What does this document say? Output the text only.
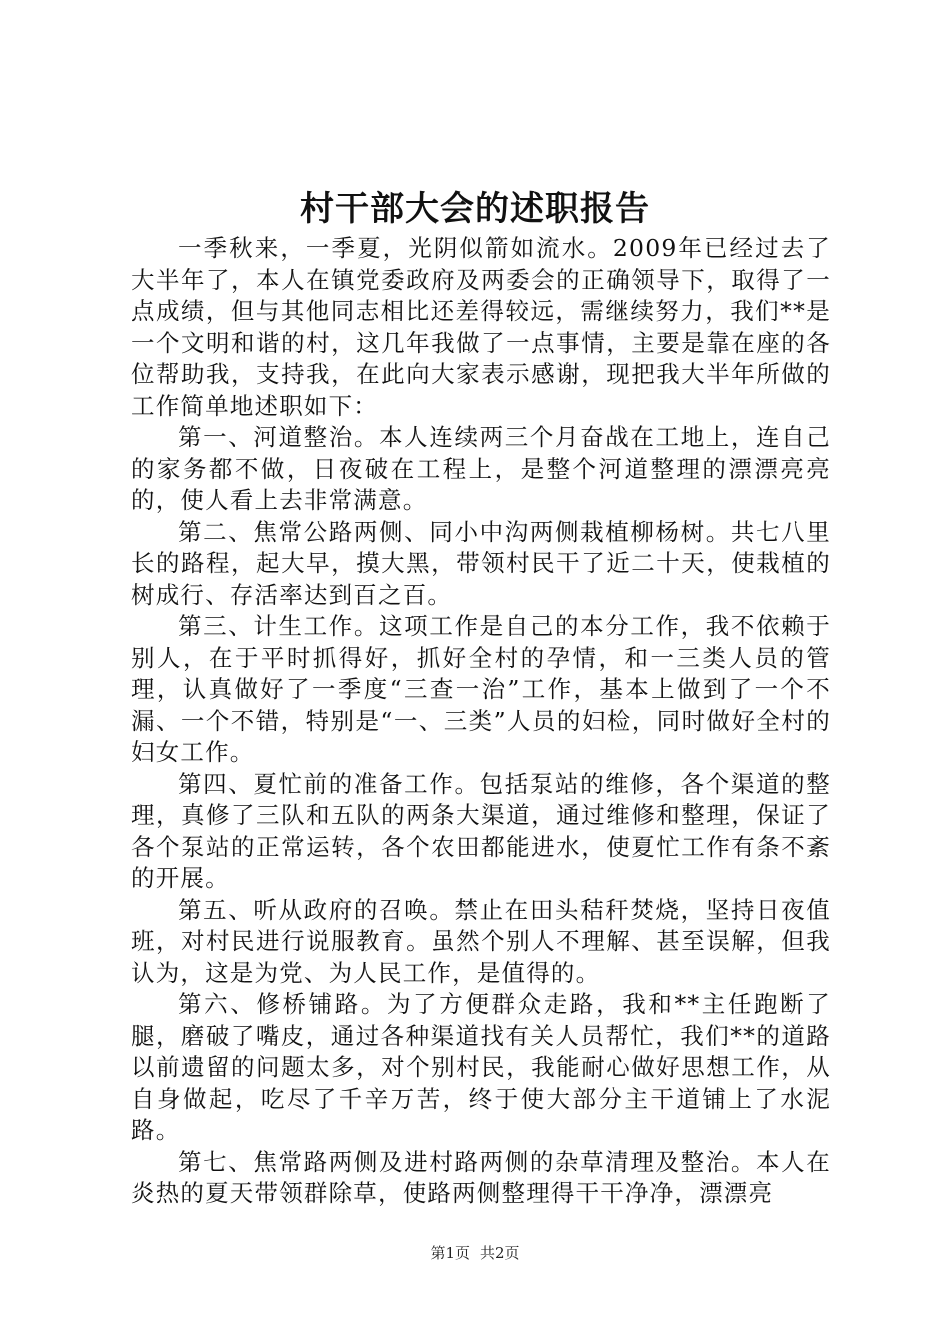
村干部大会的述职报告

一季秋来，一季夏，光阴似箭如流水。2009年已经过去了大半年了，本人在镇党委政府及两委会的正确领导下，取得了一点成绩，但与其他同志相比还差得较远，需继续努力，我们**是一个文明和谐的村，这几年我做了一点事情，主要是靠在座的各位帮助我，支持我，在此向大家表示感谢，现把我大半年所做的工作简单地述职如下：

第一、河道整治。本人连续两三个月奋战在工地上，连自己的家务都不做，日夜破在工程上，是整个河道整理的漂漂亮亮的，使人看上去非常满意。

第二、焦常公路两侧、同小中沟两侧栽植柳杨树。共七八里长的路程，起大早，摸大黑，带领村民干了近二十天，使栽植的树成行、存活率达到百之百。

第三、计生工作。这项工作是自己的本分工作，我不依赖于别人，在于平时抓得好，抓好全村的孕情，和一三类人员的管理，认真做好了一季度“三查一治”工作，基本上做到了一个不漏、一个不错，特别是“一、三类”人员的妇检，同时做好全村的妇女工作。

第四、夏忙前的准备工作。包括泵站的维修，各个渠道的整理，真修了三队和五队的两条大渠道，通过维修和整理，保证了各个泵站的正常运转，各个农田都能进水，使夏忙工作有条不紊的开展。

第五、听从政府的召唤。禁止在田头秸秆焚烧，坚持日夜值班，对村民进行说服教育。虽然个别人不理解、甚至误解，但我认为，这是为党、为人民工作，是值得的。

第六、修桥铺路。为了方便群众走路，我和**主任跑断了腿，磨破了嘴皮，通过各种渠道找有关人员帮忙，我们**的道路以前遗留的问题太多，对个别村民，我能耐心做好思想工作，从自身做起，吃尽了千辛万苦，终于使大部分主干道铺上了水泥路。

第七、焦常路两侧及进村路两侧的杂草清理及整治。本人在炎热的夏天带领群除草，使路两侧整理得干干净净，漂漂亮

第1页 共2页
